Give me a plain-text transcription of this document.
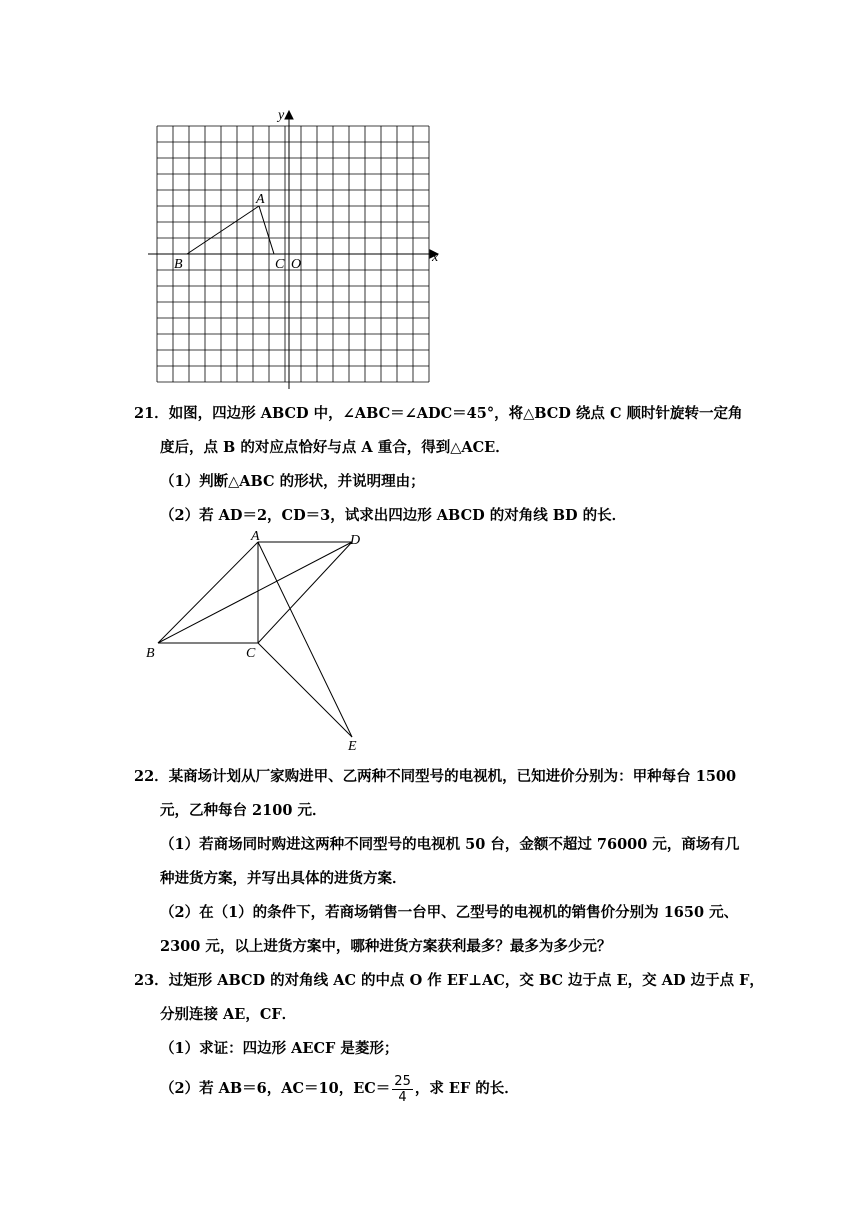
x
y
A
B	C O
21．如图，四边形 ABCD 中，∠ABC＝∠ADC＝45°，将△BCD 绕点 C 顺时针旋转一定角
度后，点 B 的对应点恰好与点 A 重合，得到△ACE．
（1）判断△ABC 的形状，并说明理由；
（2）若 AD＝2，CD＝3，试求出四边形 ABCD 的对角线 BD 的长．
A	D
B	C
E
22．某商场计划从厂家购进甲、乙两种不同型号的电视机，已知进价分别为：甲种每台 1500
元，乙种每台 2100 元．
（1）若商场同时购进这两种不同型号的电视机 50 台，金额不超过 76000 元，商场有几
种进货方案，并写出具体的进货方案．
（2）在（1）的条件下，若商场销售一台甲、乙型号的电视机的销售价分别为 1650 元、
2300 元，以上进货方案中，哪种进货方案获利最多？最多为多少元？
23．过矩形 ABCD 的对角线 AC 的中点 O 作 EF⊥AC，交 BC 边于点 E，交 AD 边于点 F，
分别连接 AE，CF．
（1）求证：四边形 AECF 是菱形；
（2）若 AB＝6，AC＝10，$EC= \frac{25}{4}$ ，求 EF 的长．
